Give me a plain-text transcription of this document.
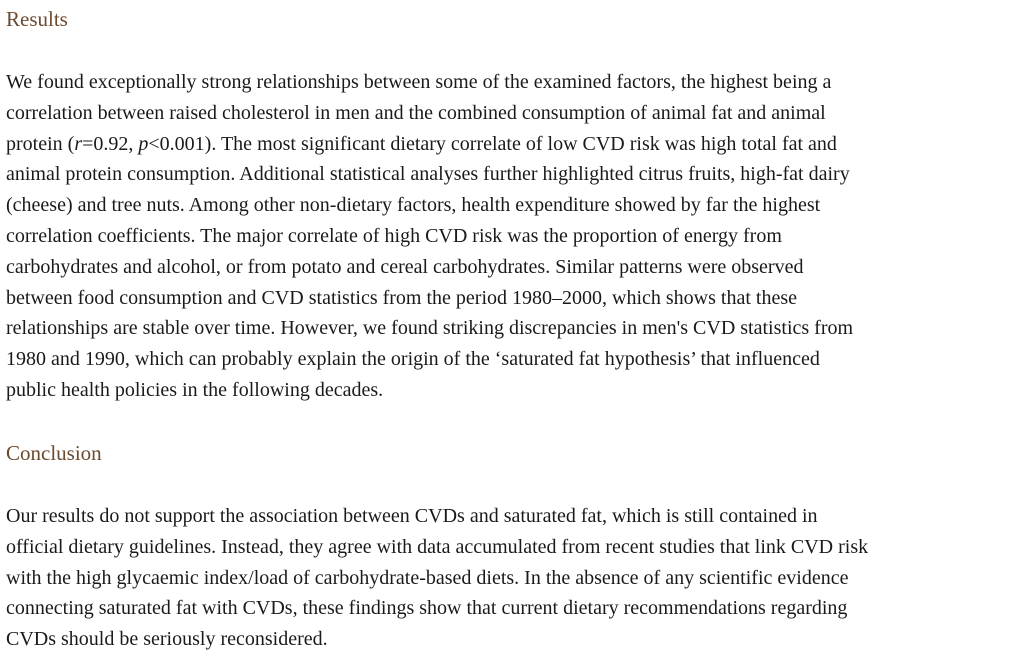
Results

We found exceptionally strong relationships between some of the examined factors, the highest being a
correlation between raised cholesterol in men and the combined consumption of animal fat and animal
protein (r=0.92, p<0.001). The most significant dietary correlate of low CVD risk was high total fat and
animal protein consumption. Additional statistical analyses further highlighted citrus fruits, high-fat dairy
(cheese) and tree nuts. Among other non-dietary factors, health expenditure showed by far the highest
correlation coefficients. The major correlate of high CVD risk was the proportion of energy from
carbohydrates and alcohol, or from potato and cereal carbohydrates. Similar patterns were observed
between food consumption and CVD statistics from the period 1980–2000, which shows that these
relationships are stable over time. However, we found striking discrepancies in men's CVD statistics from
1980 and 1990, which can probably explain the origin of the ‘saturated fat hypothesis’ that influenced
public health policies in the following decades.

Conclusion

Our results do not support the association between CVDs and saturated fat, which is still contained in
official dietary guidelines. Instead, they agree with data accumulated from recent studies that link CVD risk
with the high glycaemic index/load of carbohydrate-based diets. In the absence of any scientific evidence
connecting saturated fat with CVDs, these findings show that current dietary recommendations regarding
CVDs should be seriously reconsidered.
